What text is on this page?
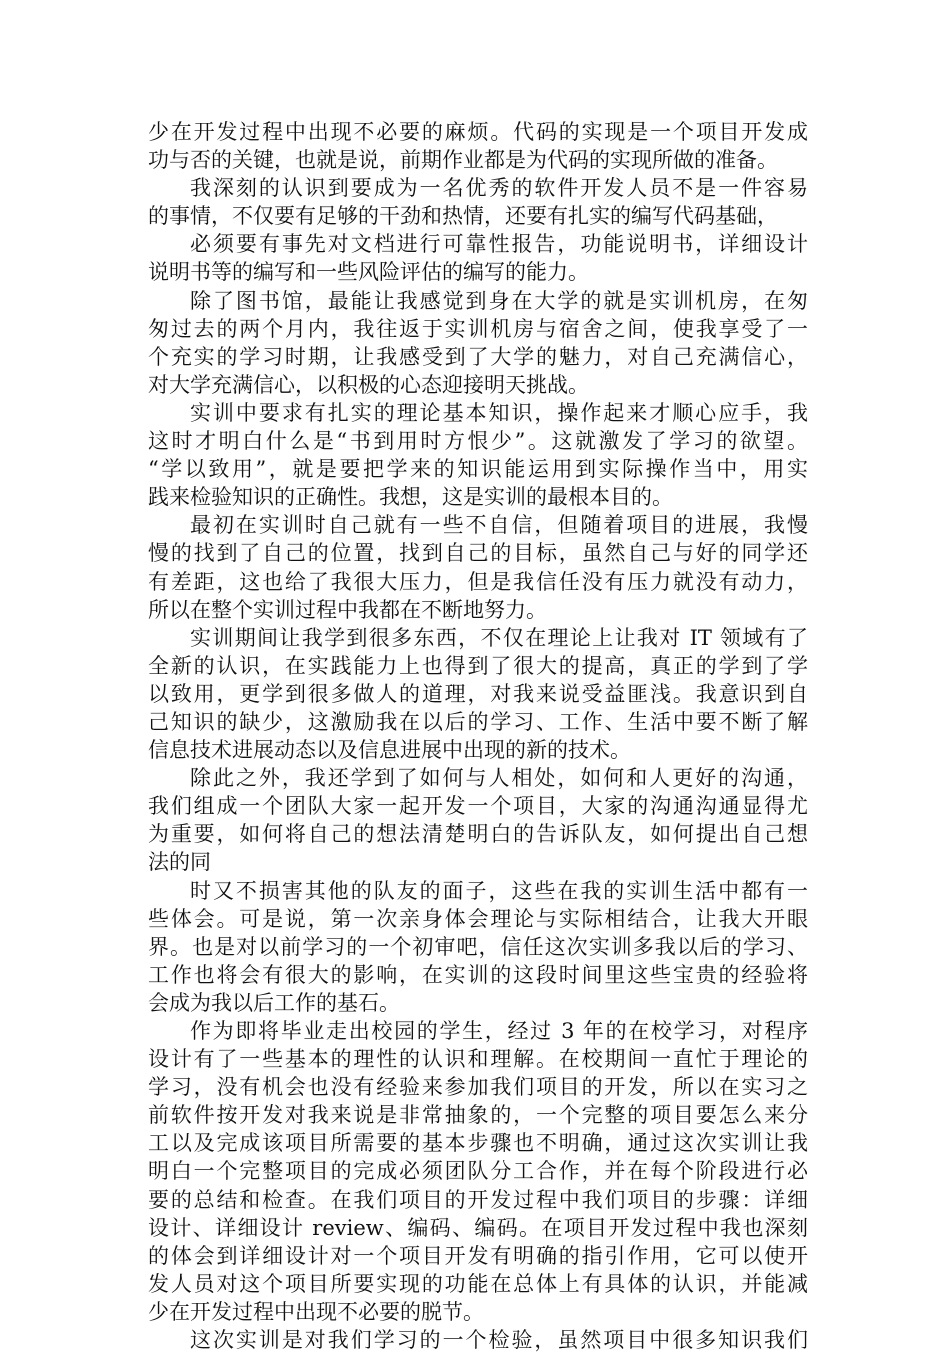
少在开发过程中出现不必要的麻烦。代码的实现是一个项目开发成
功与否的关键，也就是说，前期作业都是为代码的实现所做的准备。
我深刻的认识到要成为一名优秀的软件开发人员不是一件容易
的事情，不仅要有足够的干劲和热情，还要有扎实的编写代码基础，
必须要有事先对文档进行可靠性报告，功能说明书，详细设计
说明书等的编写和一些风险评估的编写的能力。
除了图书馆，最能让我感觉到身在大学的就是实训机房，在匆
匆过去的两个月内，我往返于实训机房与宿舍之间，使我享受了一
个充实的学习时期，让我感受到了大学的魅力，对自己充满信心，
对大学充满信心，以积极的心态迎接明天挑战。
实训中要求有扎实的理论基本知识，操作起来才顺心应手，我
这时才明白什么是“书到用时方恨少”。这就激发了学习的欲望。
“学以致用”，就是要把学来的知识能运用到实际操作当中，用实
践来检验知识的正确性。我想，这是实训的最根本目的。
最初在实训时自己就有一些不自信，但随着项目的进展，我慢
慢的找到了自己的位置，找到自己的目标，虽然自己与好的同学还
有差距，这也给了我很大压力，但是我信任没有压力就没有动力，
所以在整个实训过程中我都在不断地努力。
实训期间让我学到很多东西，不仅在理论上让我对 IT 领域有了
全新的认识，在实践能力上也得到了很大的提高，真正的学到了学
以致用，更学到很多做人的道理，对我来说受益匪浅。我意识到自
己知识的缺少，这激励我在以后的学习、工作、生活中要不断了解
信息技术进展动态以及信息进展中出现的新的技术。
除此之外，我还学到了如何与人相处，如何和人更好的沟通，
我们组成一个团队大家一起开发一个项目，大家的沟通沟通显得尤
为重要，如何将自己的想法清楚明白的告诉队友，如何提出自己想
法的同
时又不损害其他的队友的面子，这些在我的实训生活中都有一
些体会。可是说，第一次亲身体会理论与实际相结合，让我大开眼
界。也是对以前学习的一个初审吧，信任这次实训多我以后的学习、
工作也将会有很大的影响，在实训的这段时间里这些宝贵的经验将
会成为我以后工作的基石。
作为即将毕业走出校园的学生，经过 3 年的在校学习，对程序
设计有了一些基本的理性的认识和理解。在校期间一直忙于理论的
学习，没有机会也没有经验来参加我们项目的开发，所以在实习之
前软件按开发对我来说是非常抽象的，一个完整的项目要怎么来分
工以及完成该项目所需要的基本步骤也不明确，通过这次实训让我
明白一个完整项目的完成必须团队分工合作，并在每个阶段进行必
要的总结和检查。在我们项目的开发过程中我们项目的步骤：详细
设计、详细设计 review、编码、编码。在项目开发过程中我也深刻
的体会到详细设计对一个项目开发有明确的指引作用，它可以使开
发人员对这个项目所要实现的功能在总体上有具体的认识，并能减
少在开发过程中出现不必要的脱节。
这次实训是对我们学习的一个检验，虽然项目中很多知识我们
